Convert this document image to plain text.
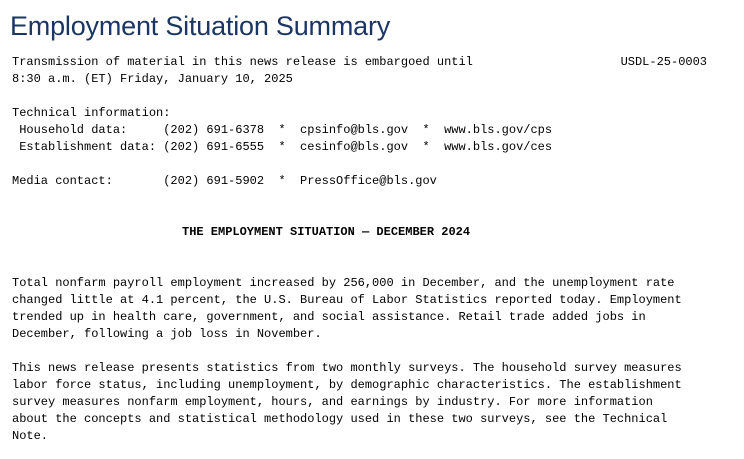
Employment Situation Summary
Transmission of material in this news release is embargoed until	USDL-25-0003
8:30 a.m. (ET) Friday, January 10, 2025
Technical information:
Household data:     (202) 691-6378  *  cpsinfo@bls.gov  *  www.bls.gov/cps
Establishment data: (202) 691-6555  *  cesinfo@bls.gov  *  www.bls.gov/ces
Media contact:       (202) 691-5902  *  PressOffice@bls.gov
THE EMPLOYMENT SITUATION — DECEMBER 2024
Total nonfarm payroll employment increased by 256,000 in December, and the unemployment rate
changed little at 4.1 percent, the U.S. Bureau of Labor Statistics reported today. Employment
trended up in health care, government, and social assistance. Retail trade added jobs in
December, following a job loss in November.
This news release presents statistics from two monthly surveys. The household survey measures
labor force status, including unemployment, by demographic characteristics. The establishment
survey measures nonfarm employment, hours, and earnings by industry. For more information
about the concepts and statistical methodology used in these two surveys, see the Technical
Note.
